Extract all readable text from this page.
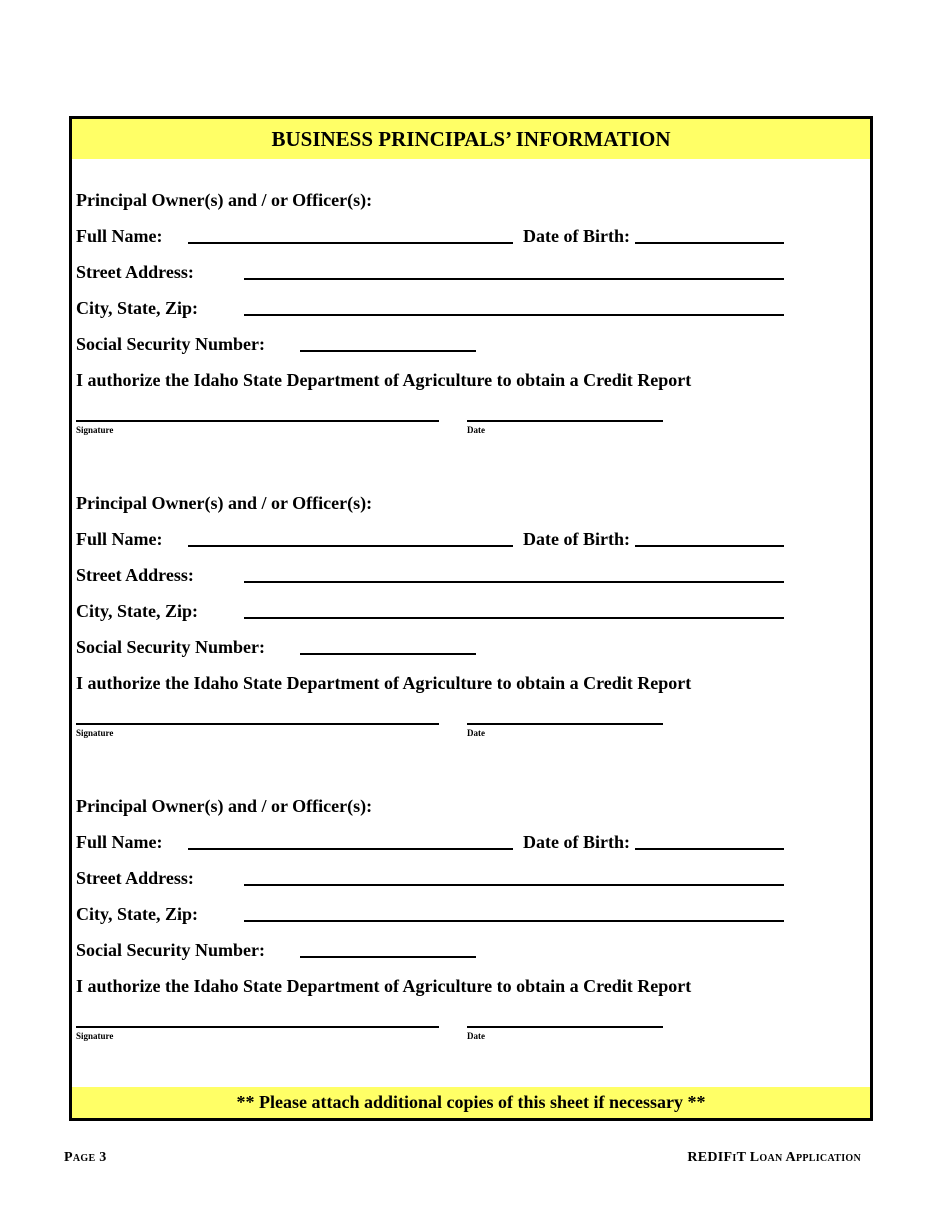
BUSINESS PRINCIPALS’ INFORMATION
Principal Owner(s) and / or Officer(s):
Full Name:	Date of Birth:
Street Address:
City, State, Zip:
Social Security Number:
I authorize the Idaho State Department of Agriculture to obtain a Credit Report
Signature	Date
Principal Owner(s) and / or Officer(s):
Full Name:	Date of Birth:
Street Address:
City, State, Zip:
Social Security Number:
I authorize the Idaho State Department of Agriculture to obtain a Credit Report
Signature	Date
Principal Owner(s) and / or Officer(s):
Full Name:	Date of Birth:
Street Address:
City, State, Zip:
Social Security Number:
I authorize the Idaho State Department of Agriculture to obtain a Credit Report
Signature	Date
** Please attach additional copies of this sheet if necessary **
Page 3	REDIFiT Loan Application
